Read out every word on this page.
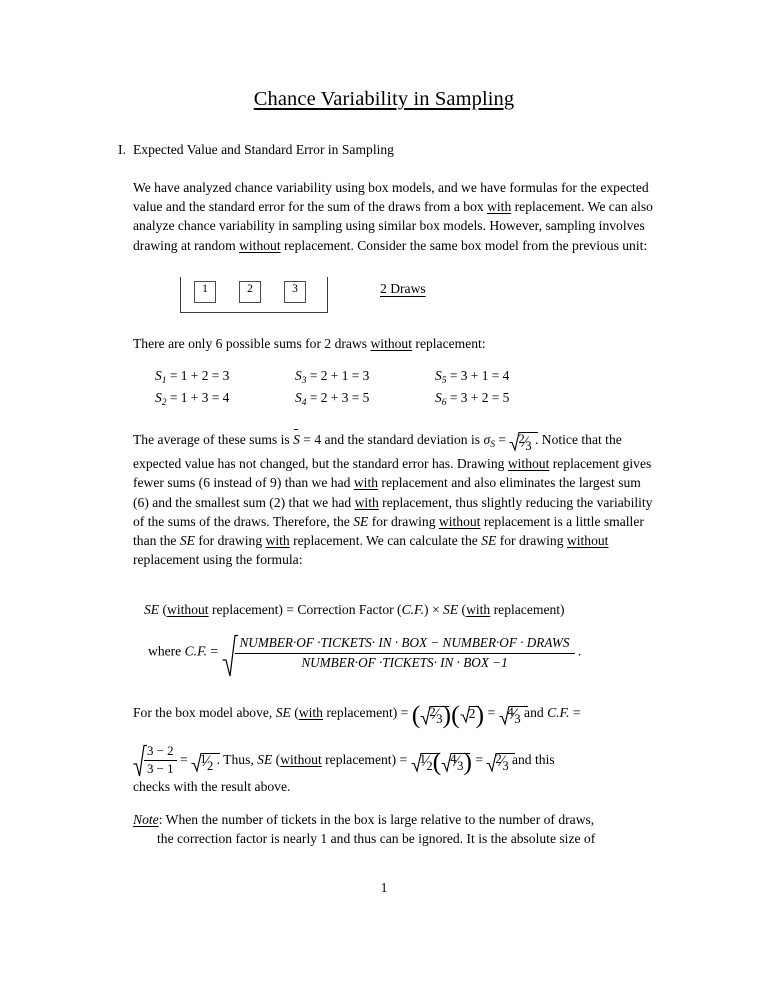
Chance Variability in Sampling
I. Expected Value and Standard Error in Sampling
We have analyzed chance variability using box models, and we have formulas for the expected value and the standard error for the sum of the draws from a box with replacement. We can also analyze chance variability in sampling using similar box models. However, sampling involves drawing at random without replacement. Consider the same box model from the previous unit:
1	2	3	2 Draws
There are only 6 possible sums for 2 draws without replacement:
$S_1 = 1 + 2 = 3$	$S_3 = 2 + 1 = 3$	$S_5 = 3 + 1 = 4$
$S_2 = 1 + 3 = 4$	$S_4 = 2 + 3 = 5$	$S_6 = 3 + 2 = 5$
The average of these sums is S
= 4 and the standard deviation is $\sigma_S$ =
2⁄3 . Notice that the expected value has not changed, but the standard error has. Drawing without replacement gives fewer sums (6 instead of 9) than we had with replacement and also eliminates the largest sum (6) and the smallest sum (2) that we had with replacement, thus slightly reducing the variability of the sums of the draws. Therefore, the SE for drawing without replacement is a little smaller than the SE for drawing with replacement. We can calculate the SE for drawing without replacement using the formula:
SE (without replacement) = Correction Factor (C.F.) × SE (with replacement)
where C.F. =
NUMBER·OF ·TICKETS· IN · BOX − NUMBER·OF · DRAWS
NUMBER·OF ·TICKETS· IN · BOX −1
.
For the box model above, SE (with replacement) = ( 2⁄3)( 2) =
4⁄3 and C.F. =
$\frac{3 - 2}{3 - 1}$ =
1⁄2 . Thus, SE (without replacement) =
1⁄2( 4⁄3) =
2⁄3 and this
checks with the result above.
Note: When the number of tickets in the box is large relative to the number of draws,
the correction factor is nearly 1 and thus can be ignored. It is the absolute size of
1
